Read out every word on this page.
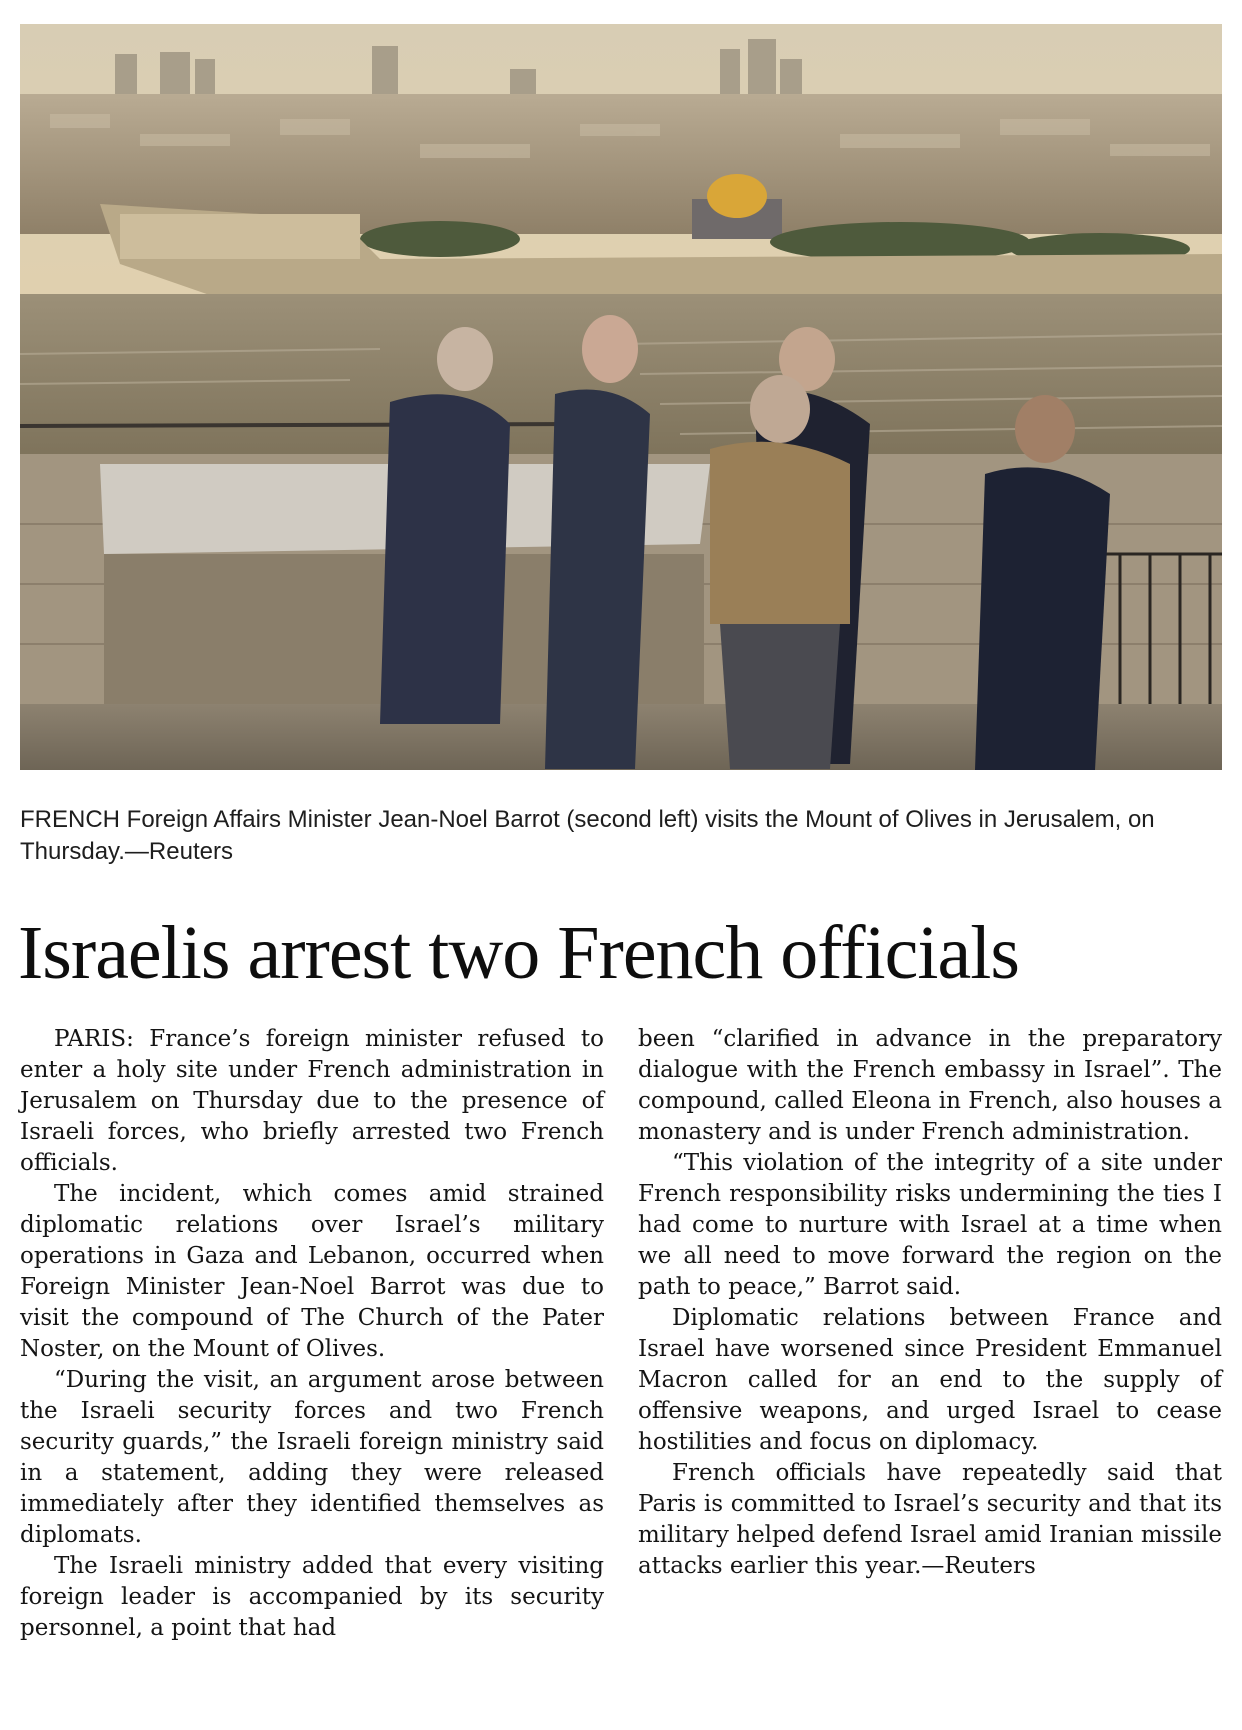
FRENCH Foreign Affairs Minister Jean-Noel Barrot (second left) visits the Mount of Olives in Jerusalem, on Thursday.—Reuters

Israelis arrest two French officials

PARIS: France’s foreign minister refused to enter a holy site under French administration in Jerusalem on Thursday due to the presence of Israeli forces, who briefly arrested two French officials.

The incident, which comes amid strained diplomatic relations over Israel’s military operations in Gaza and Lebanon, occurred when Foreign Minister Jean-Noel Barrot was due to visit the compound of The Church of the Pater Noster, on the Mount of Olives.

“During the visit, an argument arose between the Israeli security forces and two French security guards,” the Israeli foreign ministry said in a statement, adding they were released immediately after they identified themselves as diplomats.

The Israeli ministry added that every visiting foreign leader is accompanied by its security personnel, a point that had

been “clarified in advance in the preparatory dialogue with the French embassy in Israel”. The compound, called Eleona in French, also houses a monastery and is under French administration.

“This violation of the integrity of a site under French responsibility risks undermining the ties I had come to nurture with Israel at a time when we all need to move forward the region on the path to peace,” Barrot said.

Diplomatic relations between France and Israel have worsened since President Emmanuel Macron called for an end to the supply of offensive weapons, and urged Israel to cease hostilities and focus on diplomacy.

French officials have repeatedly said that Paris is committed to Israel’s security and that its military helped defend Israel amid Iranian missile attacks earlier this year.—Reuters
